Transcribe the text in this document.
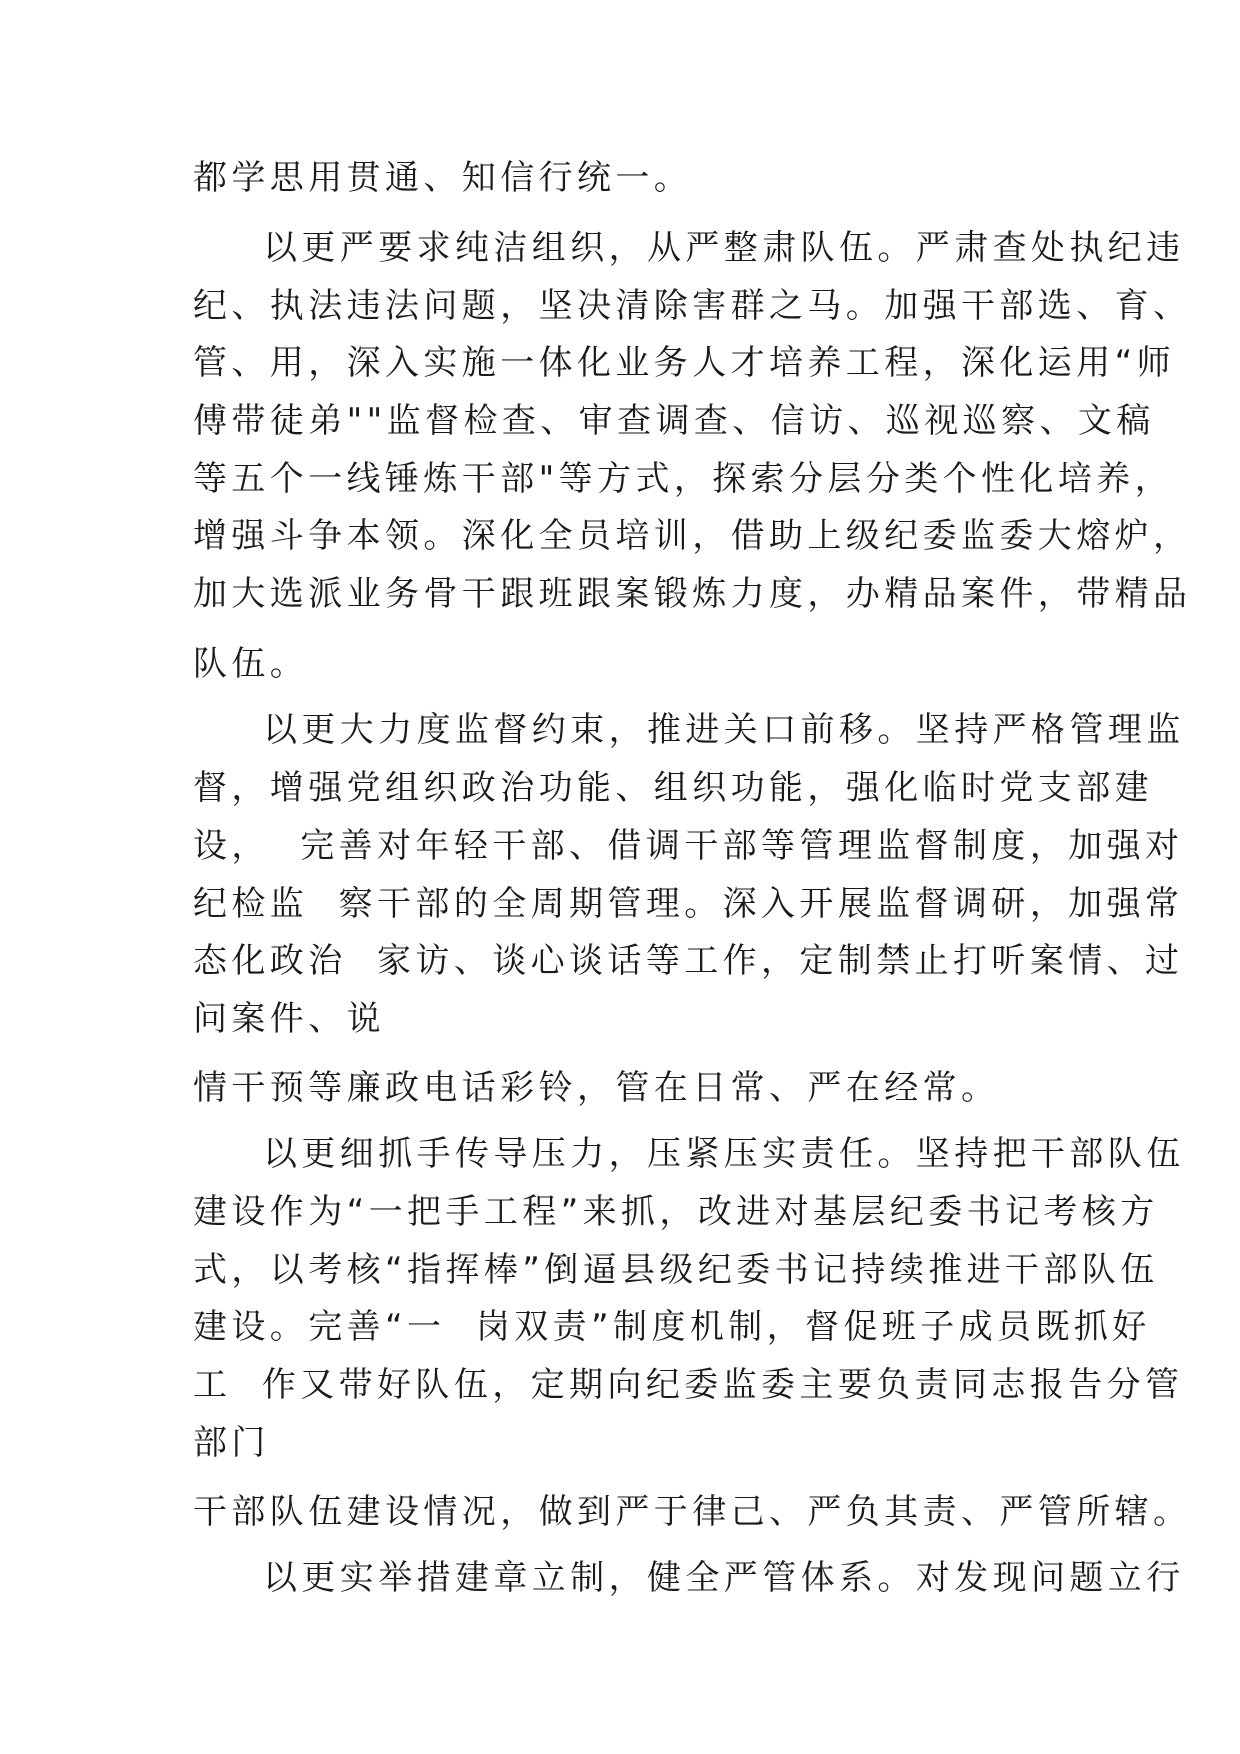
都学思用贯通、知信行统一。
以更严要求纯洁组织，从严整肃队伍。严肃查处执纪违
纪、执法违法问题，坚决清除害群之马。加强干部选、育、
管、用，深入实施一体化业务人才培养工程，深化运用“师
傅带徒弟""监督检查、审查调查、信访、巡视巡察、文稿
等五个一线锤炼干部"等方式，探索分层分类个性化培养，
增强斗争本领。深化全员培训，借助上级纪委监委大熔炉，
加大选派业务骨干跟班跟案锻炼力度，办精品案件，带精品
队伍。
以更大力度监督约束，推进关口前移。坚持严格管理监
督，增强党组织政治功能、组织功能，强化临时党支部建
设，  完善对年轻干部、借调干部等管理监督制度，加强对
纪检监  察干部的全周期管理。深入开展监督调研，加强常
态化政治  家访、谈心谈话等工作，定制禁止打听案情、过
问案件、说
情干预等廉政电话彩铃，管在日常、严在经常。
以更细抓手传导压力，压紧压实责任。坚持把干部队伍
建设作为“一把手工程”来抓，改进对基层纪委书记考核方
式，以考核“指挥棒”倒逼县级纪委书记持续推进干部队伍
建设。完善“一  岗双责”制度机制，督促班子成员既抓好
工  作又带好队伍，定期向纪委监委主要负责同志报告分管
部门
干部队伍建设情况，做到严于律己、严负其责、严管所辖。
以更实举措建章立制，健全严管体系。对发现问题立行
